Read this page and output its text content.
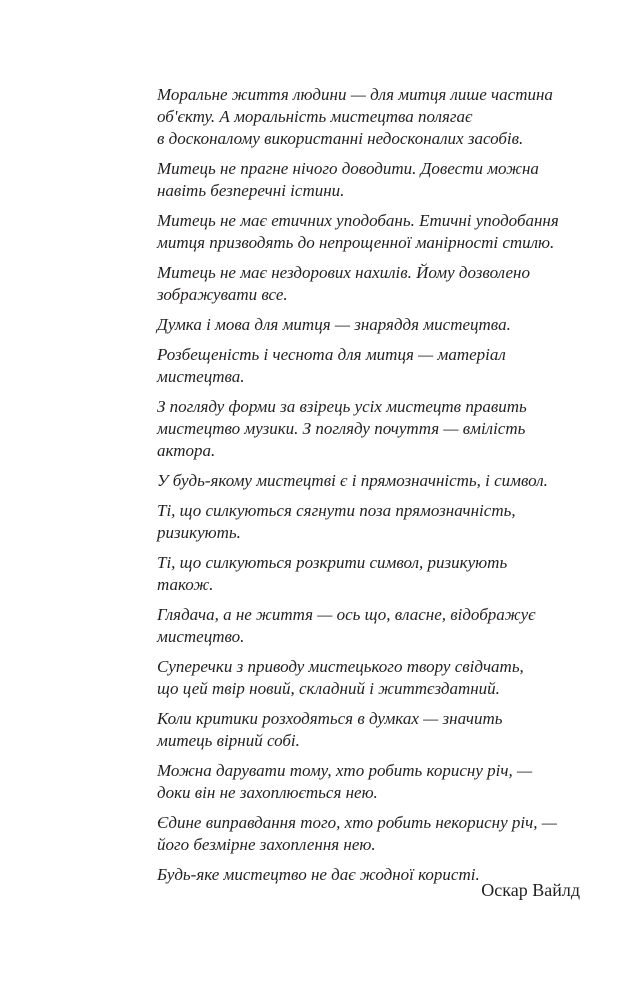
Моральне життя людини — для митця лише частина
об'єкту. А моральність мистецтва полягає
в досконалому використанні недосконалих засобів.

Митець не прагне нічого доводити. Довести можна
навіть безперечні істини.

Митець не має етичних уподобань. Етичні уподобання
митця призводять до непрощенної манірності стилю.

Митець не має нездорових нахилів. Йому дозволено
зображувати все.

Думка і мова для митця — знаряддя мистецтва.

Розбещеність і чеснота для митця — матеріал
мистецтва.

З погляду форми за взірець усіх мистецтв править
мистецтво музики. З погляду почуття — вміліcть
актора.

У будь-якому мистецтві є і прямозначність, і символ.

Ті, що силкуються сягнути поза прямозначність,
ризикують.

Ті, що силкуються розкрити символ, ризикують
також.

Глядача, а не життя — ось що, власне, відображує
мистецтво.

Суперечки з приводу мистецького твору свідчать,
що цей твір новий, складний і життєздатний.

Коли критики розходяться в думках — значить
митець вірний собі.

Можна дарувати тому, хто робить корисну річ, —
доки він не захоплюється нею.

Єдине виправдання того, хто робить некорисну річ, —
його безмірне захоплення нею.

Будь-яке мистецтво не дає жодної користі.

Оскар Вайлд
